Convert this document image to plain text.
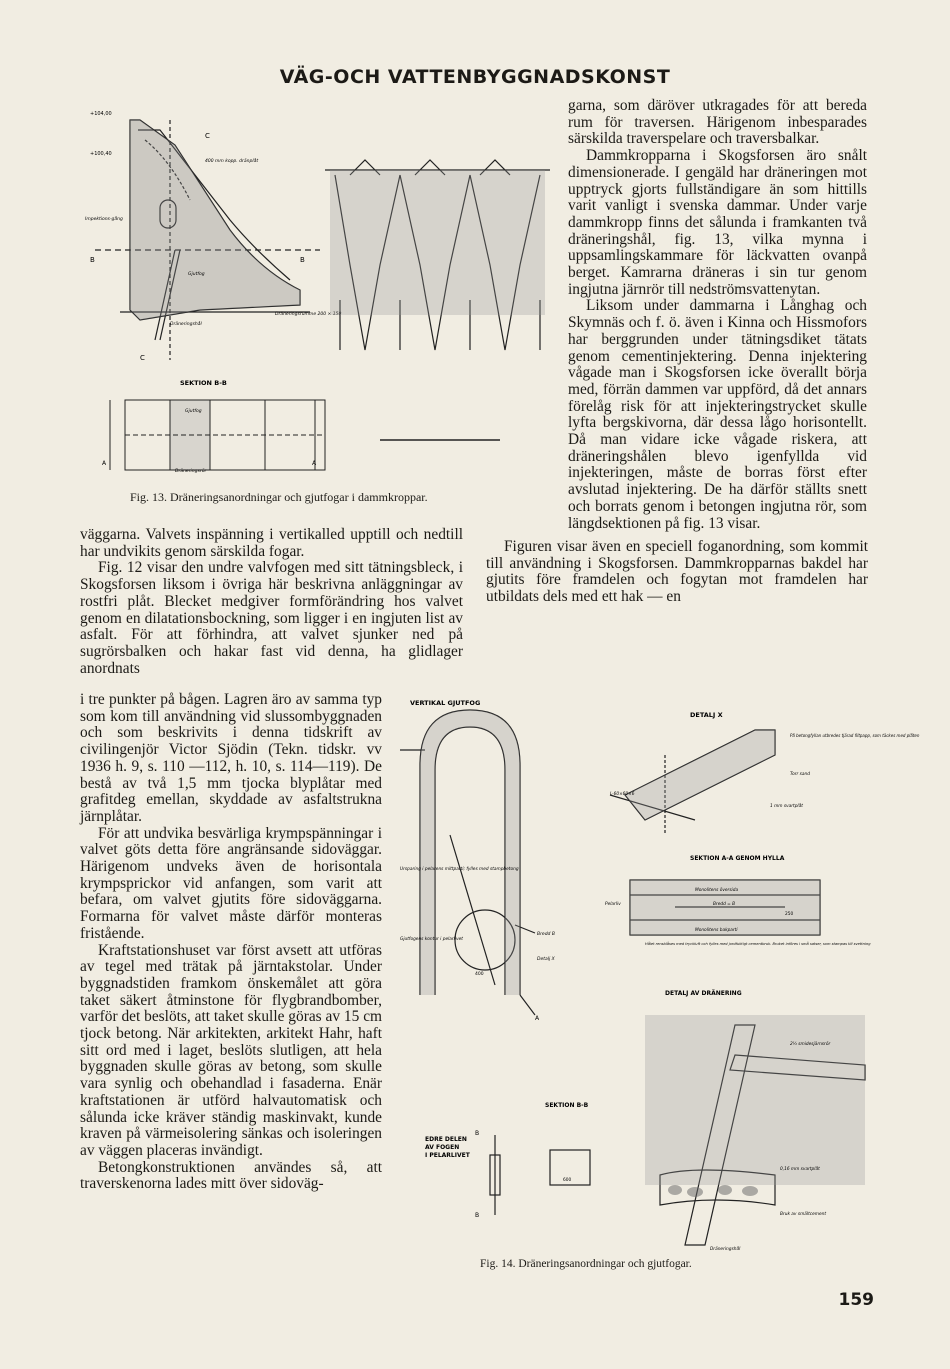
VÄG-OCH VATTENBYGGNADSKONST

garna, som däröver utkragades för att bereda rum för traversen. Härigenom inbesparades särskilda traverspelare och traversbalkar.

Dammkropparna i Skogsforsen äro snålt dimensionerade. I gengäld har dräneringen mot upptryck gjorts fullständigare än som hittills varit vanligt i svenska dammar. Under varje dammkropp finns det sålunda i framkanten två dräneringshål, fig. 13, vilka mynna i uppsamlingskammare för läckvatten ovanpå berget. Kamrarna dräneras i sin tur genom ingjutna järnrör till nedströmsvattenytan.

Liksom under dammarna i Långhag och Skymnäs och f. ö. även i Kinna och Hissmofors har berggrunden under tätningsdiket tätats genom cementinjektering. Denna injektering vågade man i Skogsforsen icke överallt börja med, förrän dammen var uppförd, då det annars förelåg risk för att injekteringstrycket skulle lyfta bergskivorna, där dessa lågo horisontellt. Då man vidare icke vågade riskera, att dräneringshålen blevo igenfyllda vid injekteringen, måste de borras först efter avslutad injektering. De ha därför ställts snett och borrats genom i betongen ingjutna rör, som längdsektionen på fig. 13 visar.

Figuren visar även en speciell foganordning, som kommit till användning i Skogsforsen. Dammkropparnas bakdel har gjutits före framdelen och fogytan mot framdelen har utbildats dels med ett hak — en

+104,00
+100,40
C
C
B	B
Impektions-gång
400 mm kopp. dränplåt
Gjutfog
Dräneringshål
Dräneringsrumme 200 × 150
SEKTION B-B
A	A
Gjutfog
Dräneringsrör
Fig. 13. Dräneringsanordningar och gjutfogar i dammkroppar.

väggarna. Valvets inspänning i vertikalled upptill och nedtill har undvikits genom särskilda fogar.

Fig. 12 visar den undre valvfogen med sitt tätningsbleck, i Skogsforsen liksom i övriga här beskrivna anläggningar av rostfri plåt. Blecket medgiver formförändring hos valvet genom en dilatationsbockning, som ligger i en ingjuten list av asfalt. För att förhindra, att valvet sjunker ned på sugrörsbalken och hakar fast vid denna, ha glidlager anordnats

i tre punkter på bågen. Lagren äro av samma typ som kom till användning vid slussombyggnaden och som beskrivits i denna tidskrift av civilingenjör Victor Sjödin (Tekn. tidskr. vv 1936 h. 9, s. 110 —112, h. 10, s. 114—119). De bestå av två 1,5 mm tjocka blyplåtar med grafitdeg emellan, skyddade av asfaltstrukna järnplåtar.

För att undvika besvärliga krympspänningar i valvet göts detta före angränsande sidoväggar. Härigenom undveks även de horisontala krympsprickor vid anfangen, som varit att befara, om valvet gjutits före sidoväggarna. Formarna för valvet måste därför monteras fristående.

Kraftstationshuset var först avsett att utföras av tegel med trätak på järntakstolar. Under byggnadstiden framkom önskemålet att göra taket säkert åtminstone för flygbrandbomber, varför det beslöts, att taket skulle göras av 15 cm tjock betong. När arkitekten, arkitekt Hahr, haft sitt ord med i laget, beslöts slutligen, att hela byggnaden skulle göras av betong, som skulle vara synlig och obehandlad i fasaderna. Enär kraftstationen är utförd halvautomatisk och sålunda icke kräver ständig maskinvakt, kunde kraven på värmeisolering sänkas och isoleringen av väggen placeras invändigt.

Betongkonstruktionen användes så, att traverskenorna lades mitt över sidoväg-

VERTIKAL GJUTFOG
Ursparing i pelarens mittparti; fylles med stampbetong
Gjutfogens kontur i pelarlivet
Bredd B
Detalj X
A
400
DETALJ X
På betongfyllan utbredes tjärad filtpapp, som täckes med plåten
Torr sand
L-60×60×6
1 mm svartplåt
SEKTION A-A GENOM HYLLA
Monolitens översida
Bredd = B
Monolitens bakparti
Pelarliv
250
Hålet rensblåses med tryckluft och fylles med jordfuktigt cementbruk. Bruket införes i små satser, som stampas till svettning
DETALJ AV DRÄNERING
2½ smidesjärnsrör
0,16 mm svartplåt
Bruk av smältcement
Dräneringshål
SEKTION B-B
B
B
600
EDRE DELEN AV FOGEN I PELARLIVET
Fig. 14. Dräneringsanordningar och gjutfogar.
159
